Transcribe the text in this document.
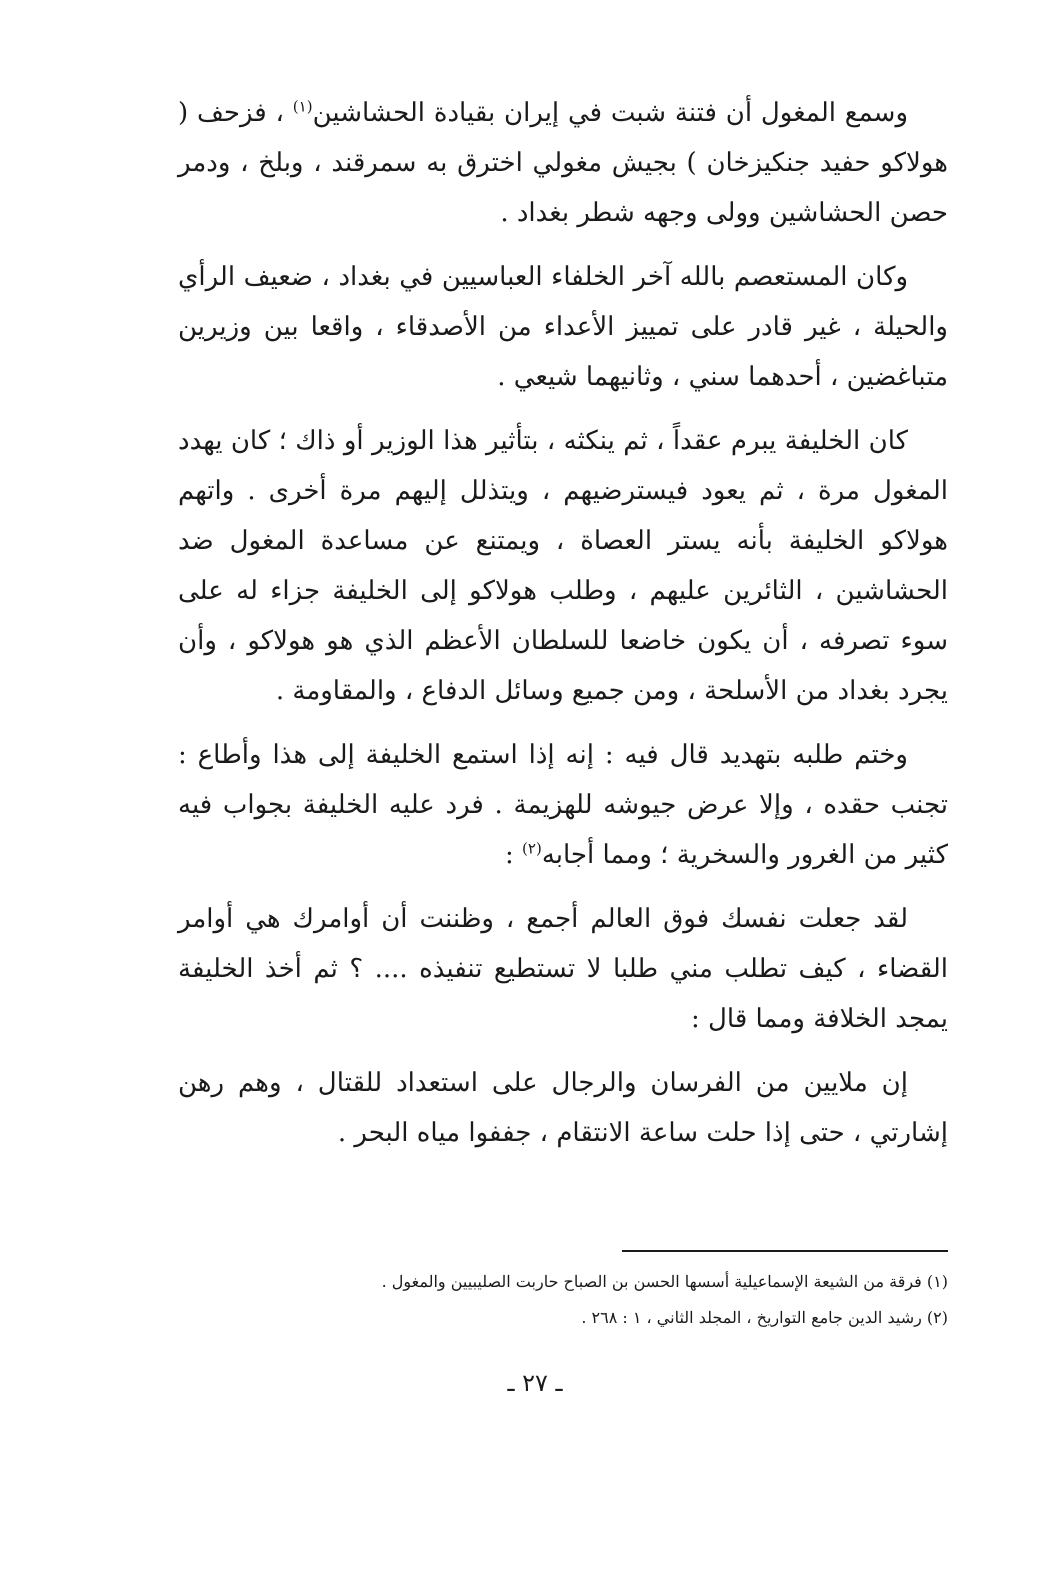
وسمع المغول أن فتنة شبت في إيران بقيادة الحشاشين$^{(١)}$ ، فزحف ( هولاكو حفيد جنكيزخان ) بجيش مغولي اخترق به سمرقند ، وبلخ ، ودمر حصن الحشاشين وولى وجهه شطر بغداد .

وكان المستعصم بالله آخر الخلفاء العباسيين في بغداد ، ضعيف الرأي والحيلة ، غير قادر على تمييز الأعداء من الأصدقاء ، واقعا بين وزيرين متباغضين ، أحدهما سني ، وثانيهما شيعي .

كان الخليفة يبرم عقداً ، ثم ينكثه ، بتأثير هذا الوزير أو ذاك ؛ كان يهدد المغول مرة ، ثم يعود فيسترضيهم ، ويتذلل إليهم مرة أخرى . واتهم هولاكو الخليفة بأنه يستر العصاة ، ويمتنع عن مساعدة المغول ضد الحشاشين ، الثائرين عليهم ، وطلب هولاكو إلى الخليفة جزاء له على سوء تصرفه ، أن يكون خاضعا للسلطان الأعظم الذي هو هولاكو ، وأن يجرد بغداد من الأسلحة ، ومن جميع وسائل الدفاع ، والمقاومة .

وختم طلبه بتهديد قال فيه : إنه إذا استمع الخليفة إلى هذا وأطاع : تجنب حقده ، وإلا عرض جيوشه للهزيمة . فرد عليه الخليفة بجواب فيه كثير من الغرور والسخرية ؛ ومما أجابه$^{(٢)}$ :

لقد جعلت نفسك فوق العالم أجمع ، وظننت أن أوامرك هي أوامر القضاء ، كيف تطلب مني طلبا لا تستطيع تنفيذه .... ؟ ثم أخذ الخليفة يمجد الخلافة ومما قال :

إن ملايين من الفرسان والرجال على استعداد للقتال ، وهم رهن إشارتي ، حتى إذا حلت ساعة الانتقام ، جففوا مياه البحر .

(١) فرقة من الشيعة الإسماعيلية أسسها الحسن بن الصباح حاربت الصليبيين والمغول .

(٢) رشيد الدين جامع التواريخ ، المجلد الثاني ، ١ : ٢٦٨ .

ـ ٢٧ ـ
